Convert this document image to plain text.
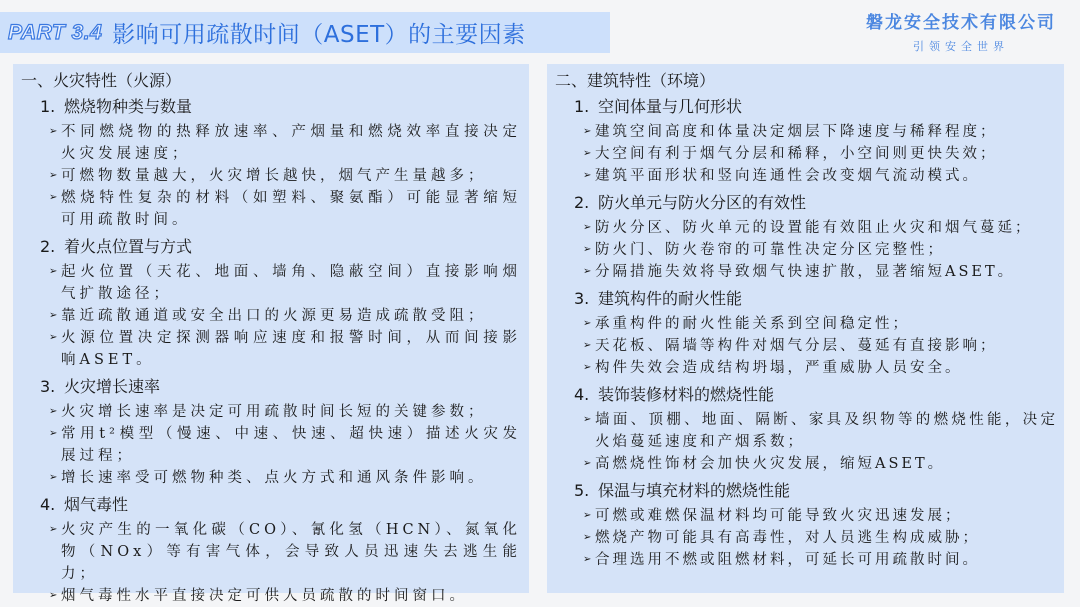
PART 3.4 影响可用疏散时间（ASET）的主要因素	磐龙安全技术有限公司
引领安全世界
一、火灾特性（火源）
1. 燃烧物种类与数量
➢ 不同燃烧物的热释放速率、产烟量和燃烧效率直接决定火灾发展速度；
➢ 可燃物数量越大，火灾增长越快，烟气产生量越多；
➢ 燃烧特性复杂的材料（如塑料、聚氨酯）可能显著缩短可用疏散时间。
2. 着火点位置与方式
➢ 起火位置（天花、地面、墙角、隐蔽空间）直接影响烟气扩散途径；
➢ 靠近疏散通道或安全出口的火源更易造成疏散受阻；
➢ 火源位置决定探测器响应速度和报警时间，从而间接影响ASET。
3. 火灾增长速率
➢ 火灾增长速率是决定可用疏散时间长短的关键参数；
➢ 常用t²模型（慢速、中速、快速、超快速）描述火灾发展过程；
➢ 增长速率受可燃物种类、点火方式和通风条件影响。
4. 烟气毒性
➢ 火灾产生的一氧化碳（CO）、氰化氢（HCN）、氮氧化物（NOx）等有害气体，会导致人员迅速失去逃生能力；
➢ 烟气毒性水平直接决定可供人员疏散的时间窗口。
二、建筑特性（环境）
1. 空间体量与几何形状
➢ 建筑空间高度和体量决定烟层下降速度与稀释程度；
➢ 大空间有利于烟气分层和稀释，小空间则更快失效；
➢ 建筑平面形状和竖向连通性会改变烟气流动模式。
2. 防火单元与防火分区的有效性
➢ 防火分区、防火单元的设置能有效阻止火灾和烟气蔓延；
➢ 防火门、防火卷帘的可靠性决定分区完整性；
➢ 分隔措施失效将导致烟气快速扩散，显著缩短ASET。
3. 建筑构件的耐火性能
➢ 承重构件的耐火性能关系到空间稳定性；
➢ 天花板、隔墙等构件对烟气分层、蔓延有直接影响；
➢ 构件失效会造成结构坍塌，严重威胁人员安全。
4. 装饰装修材料的燃烧性能
➢ 墙面、顶棚、地面、隔断、家具及织物等的燃烧性能，决定火焰蔓延速度和产烟系数；
➢ 高燃烧性饰材会加快火灾发展，缩短ASET。
5. 保温与填充材料的燃烧性能
➢ 可燃或难燃保温材料均可能导致火灾迅速发展；
➢ 燃烧产物可能具有高毒性，对人员逃生构成威胁；
➢ 合理选用不燃或阻燃材料，可延长可用疏散时间。
